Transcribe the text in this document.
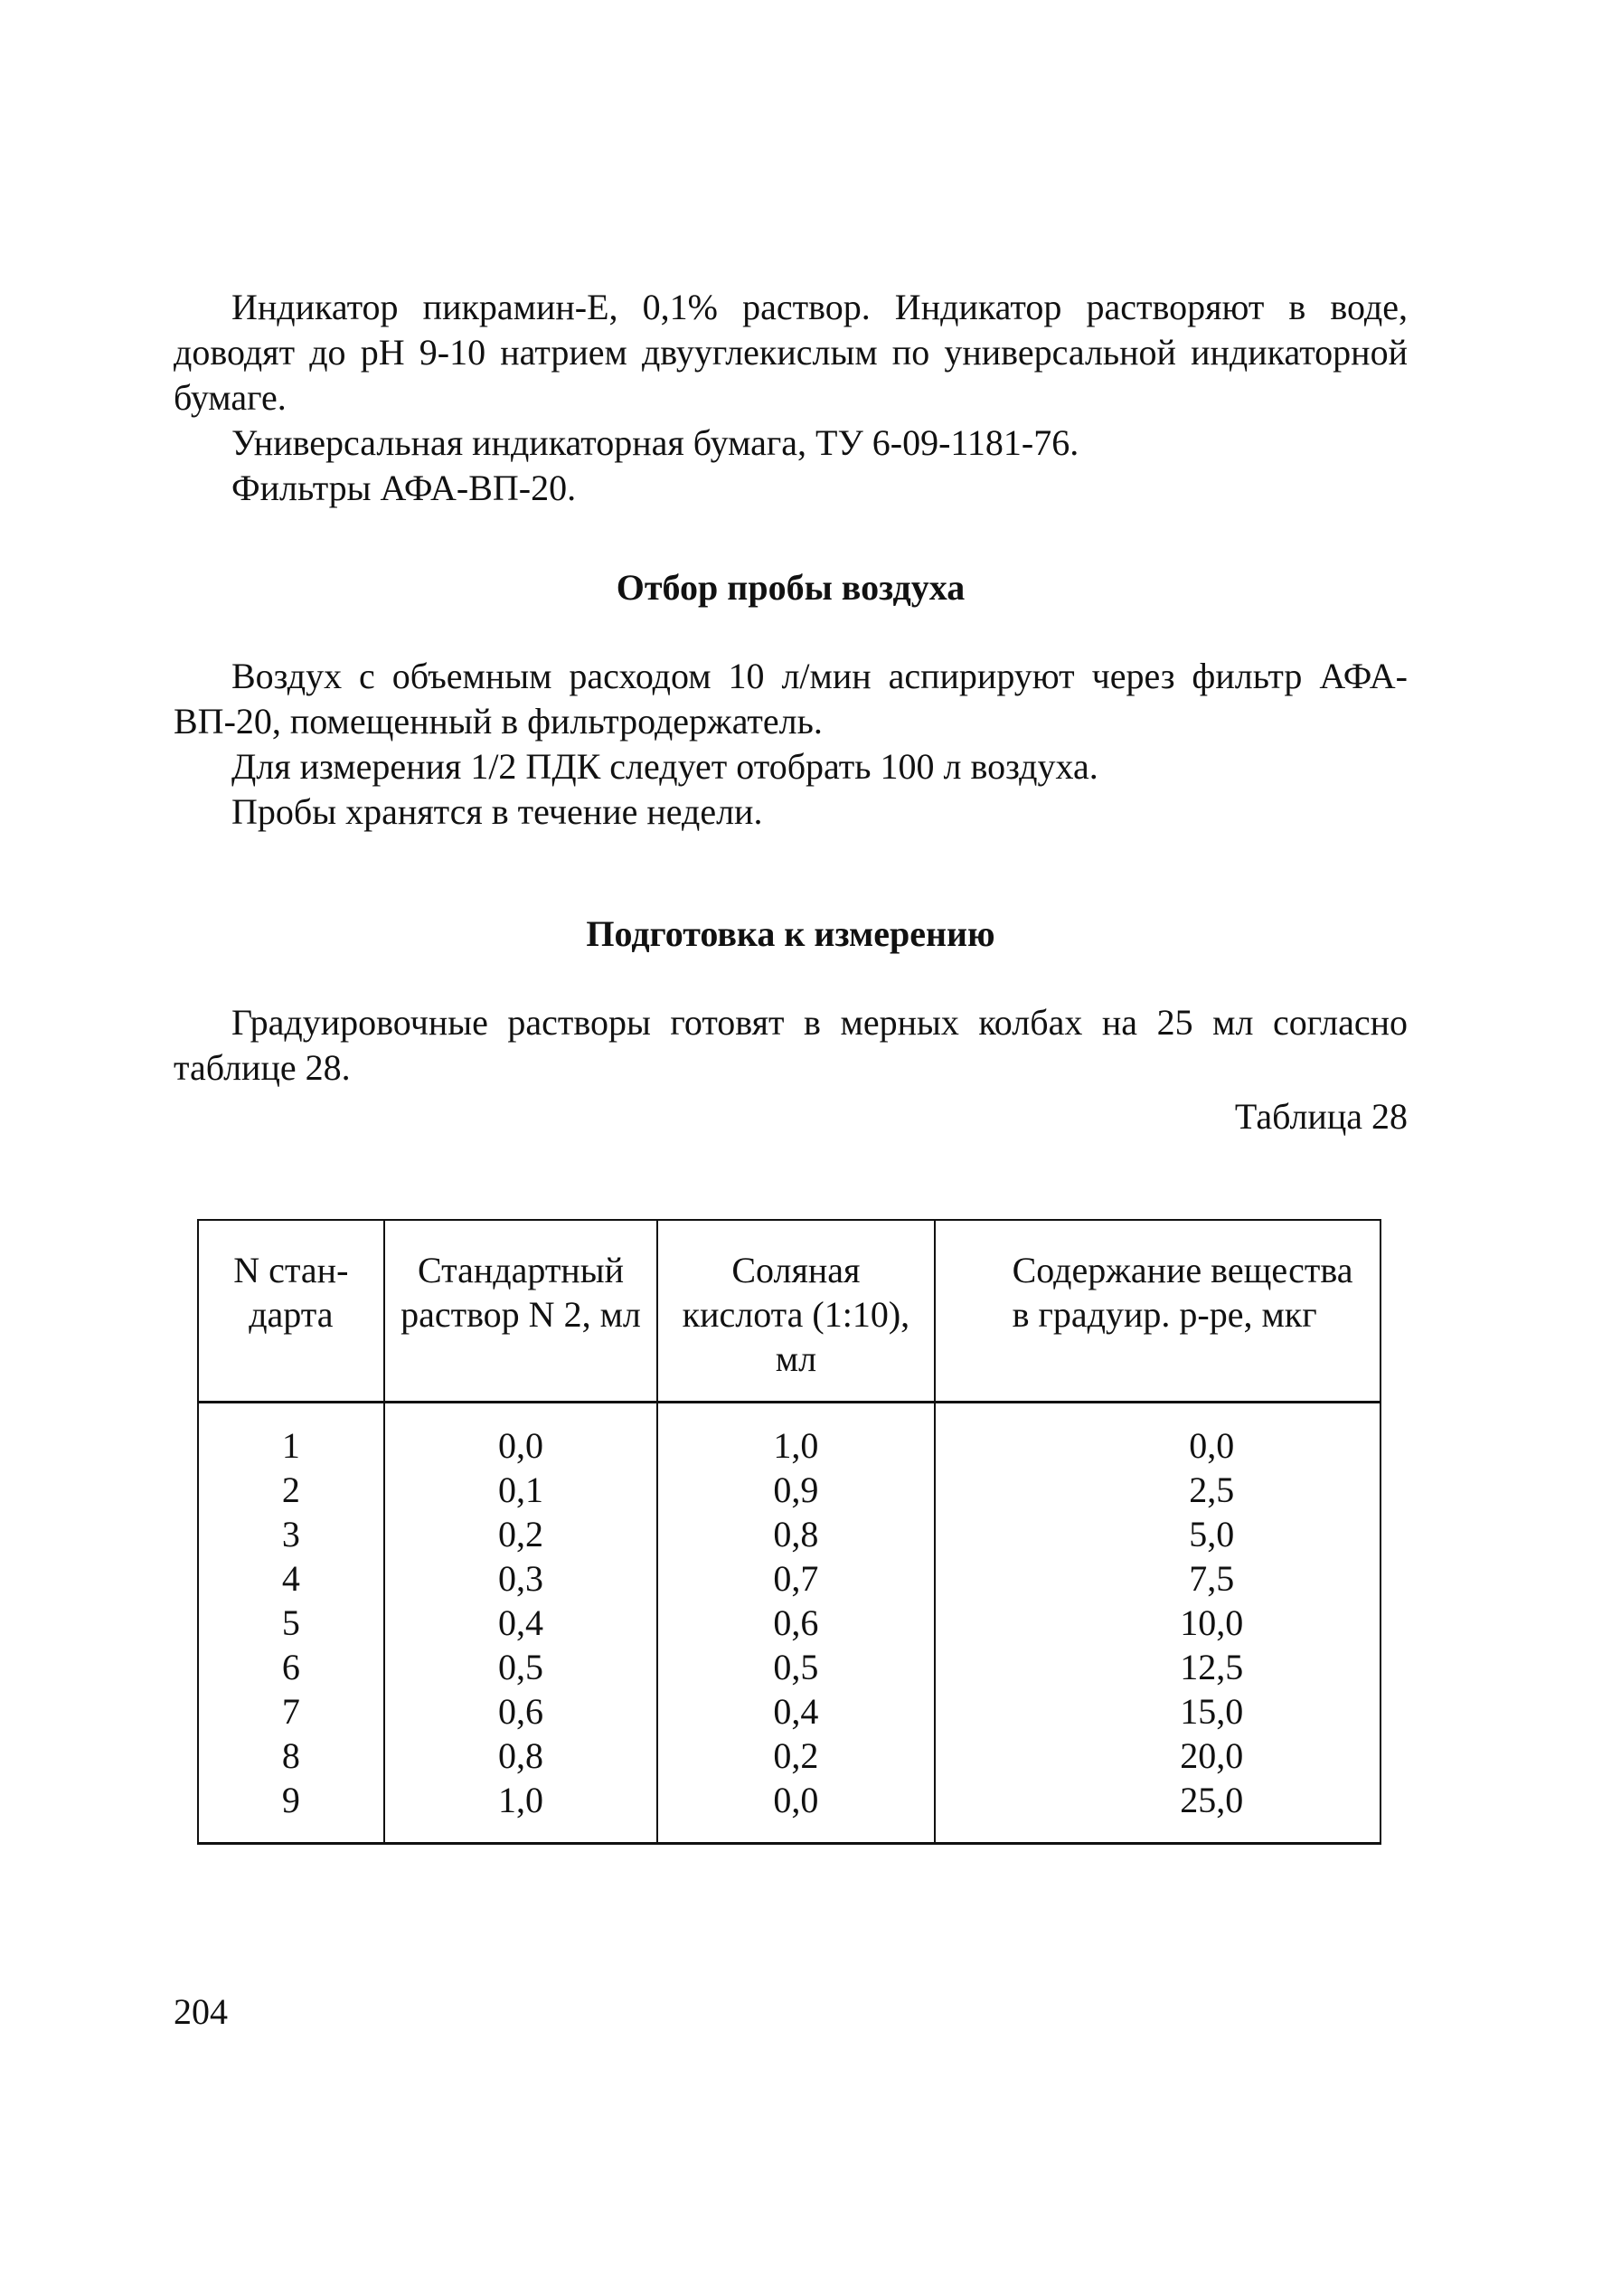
Индикатор пикрамин-Е, 0,1% раствор. Индикатор растворяют в воде, доводят до pH 9-10 натрием двууглекислым по универсальной индикаторной бумаге.

Универсальная индикаторная бумага, ТУ 6-09-1181-76.

Фильтры АФА-ВП-20.

Отбор пробы воздуха

Воздух с объемным расходом 10 л/мин аспирируют через фильтр АФА-ВП-20, помещенный в фильтродержатель.

Для измерения 1/2 ПДК следует отобрать 100 л воздуха.

Пробы хранятся в течение недели.

Подготовка к измерению

Градуировочные растворы готовят в мерных колбах на 25 мл согласно таблице 28.

Таблица 28

N стан- дарта	Стандартный раствор N 2, мл	Соляная кислота (1:10), мл	Содержание вещества в градуир. р-ре, мкг
1	0,0	1,0	0,0
2	0,1	0,9	2,5
3	0,2	0,8	5,0
4	0,3	0,7	7,5
5	0,4	0,6	10,0
6	0,5	0,5	12,5
7	0,6	0,4	15,0
8	0,8	0,2	20,0
9	1,0	0,0	25,0
204
